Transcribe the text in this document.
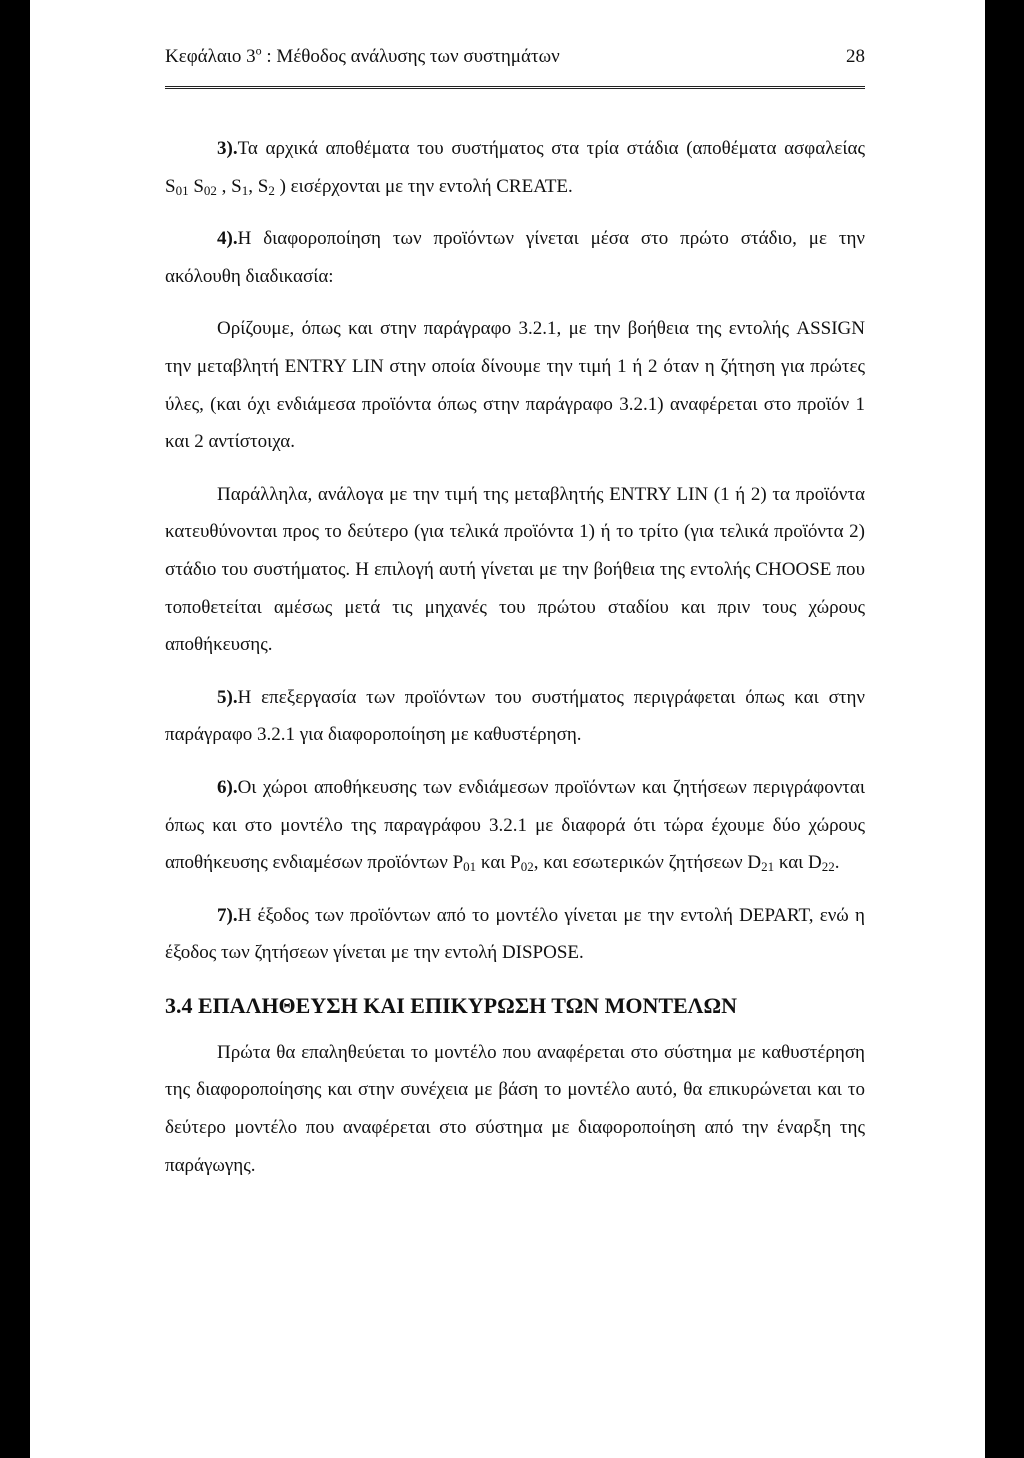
Κεφάλαιο $3^o$ : Μέθοδος ανάλυσης των συστημάτων	28

3).Τα αρχικά αποθέματα του συστήματος στα τρία στάδια (αποθέματα ασφαλείας $S_{01}$ $S_{02}$ , $S_1$, $S_2$ ) εισέρχονται με την εντολή CREATE.

4).Η διαφοροποίηση των προϊόντων γίνεται μέσα στο πρώτο στάδιο, με την ακόλουθη διαδικασία:

Ορίζουμε, όπως και στην παράγραφο 3.2.1, με την βοήθεια της εντολής ASSIGN την μεταβλητή ENTRY LIN στην οποία δίνουμε την τιμή 1 ή 2 όταν η ζήτηση για πρώτες ύλες, (και όχι ενδιάμεσα προϊόντα όπως στην παράγραφο 3.2.1) αναφέρεται στο προϊόν 1 και 2 αντίστοιχα.

Παράλληλα, ανάλογα με την τιμή της μεταβλητής ENTRY LIN (1 ή 2) τα προϊόντα κατευθύνονται προς το δεύτερο (για τελικά προϊόντα 1) ή το τρίτο (για τελικά προϊόντα 2) στάδιο του συστήματος. Η επιλογή αυτή γίνεται με την βοήθεια της εντολής CHOOSE που τοποθετείται αμέσως μετά τις μηχανές του πρώτου σταδίου και πριν τους χώρους αποθήκευσης.

5).Η επεξεργασία των προϊόντων του συστήματος περιγράφεται όπως και στην παράγραφο 3.2.1 για διαφοροποίηση με καθυστέρηση.

6).Οι χώροι αποθήκευσης των ενδιάμεσων προϊόντων και ζητήσεων περιγράφονται όπως και στο μοντέλο της παραγράφου 3.2.1 με διαφορά ότι τώρα έχουμε δύο χώρους αποθήκευσης ενδιαμέσων προϊόντων $P_{01}$ και $P_{02}$, και εσωτερικών ζητήσεων $D_{21}$ και $D_{22}$.

7).Η έξοδος των προϊόντων από το μοντέλο γίνεται με την εντολή DEPART, ενώ η έξοδος των ζητήσεων γίνεται με την εντολή DISPOSE.

3.4 ΕΠΑΛΗΘΕΥΣΗ ΚΑΙ ΕΠΙΚΥΡΩΣΗ ΤΩΝ ΜΟΝΤΕΛΩΝ

Πρώτα θα επαληθεύεται το μοντέλο που αναφέρεται στο σύστημα με καθυστέρηση της διαφοροποίησης και στην συνέχεια με βάση το μοντέλο αυτό, θα επικυρώνεται και το δεύτερο μοντέλο που αναφέρεται στο σύστημα με διαφοροποίηση από την έναρξη της παράγωγης.
